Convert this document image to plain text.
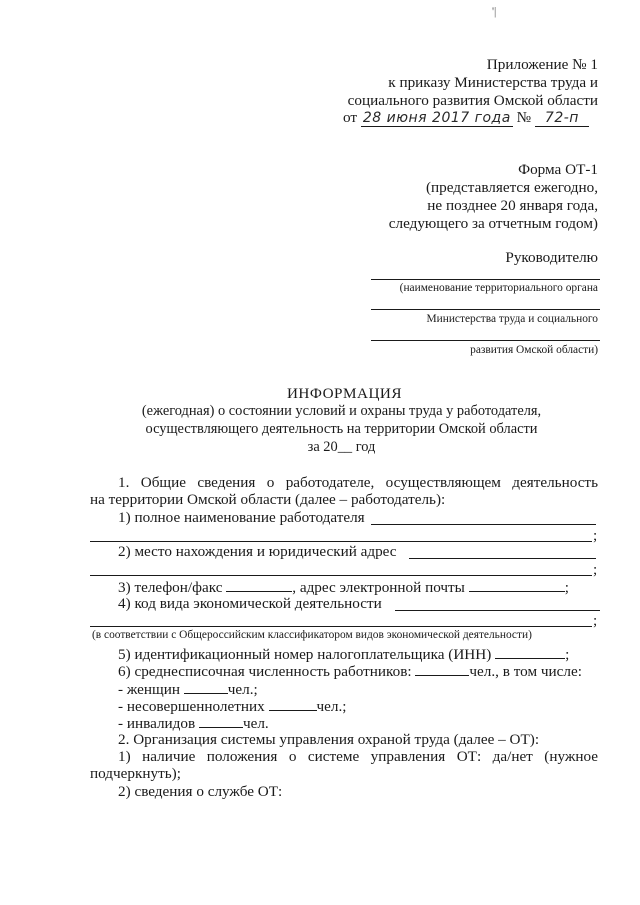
'|
Приложение № 1
к приказу Министерства труда и
социального развития Омской области
от 28 июня 2017 года № 72-п
Форма ОТ-1
(представляется ежегодно,
не позднее 20 января года,
следующего за отчетным годом)
Руководителю
(наименование территориального органа
Министерства труда и социального
развития Омской области)
ИНФОРМАЦИЯ
(ежегодная) о состоянии условий и охраны труда у работодателя,
осуществляющего деятельность на территории Омской области
за 20__ год
1. Общие сведения о работодателе, осуществляющем деятельность
на территории Омской области (далее – работодатель):
1) полное наименование работодателя
;
2) место нахождения и юридический адрес
;
3) телефон/факс	, адрес электронной почты	;
4) код вида экономической деятельности
;
(в соответствии с Общероссийским классификатором видов экономической деятельности)
5) идентификационный номер налогоплательщика (ИНН)	;
6) среднесписочная численность работников:	чел., в том числе:
- женщин	чел.;
- несовершеннолетних	чел.;
- инвалидов	чел.
2. Организация системы управления охраной труда (далее – ОТ):
1) наличие положения о системе управления ОТ: да/нет (нужное
подчеркнуть);
2) сведения о службе ОТ:
